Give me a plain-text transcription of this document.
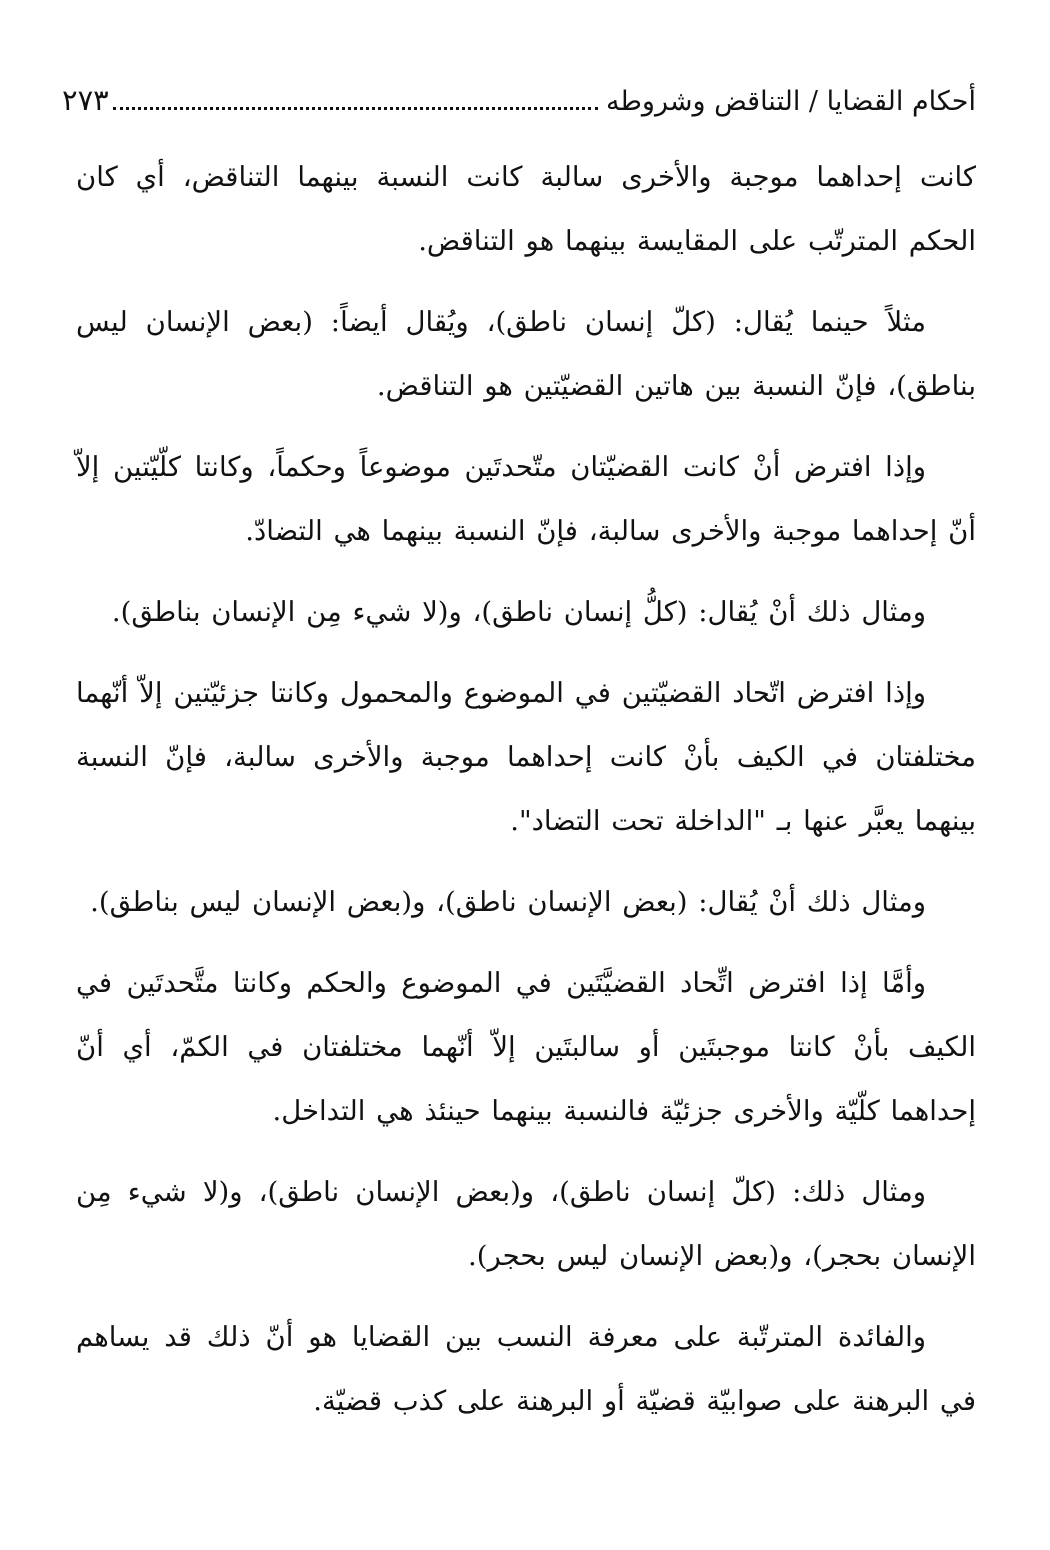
أحكام القضايا / التناقض وشروطه
٢٧٣

كانت إحداهما موجبة والأخرى سالبة كانت النسبة بينهما التناقض، أي كان الحكم المترتّب على المقايسة بينهما هو التناقض.

مثلاً حينما يُقال: (كلّ إنسان ناطق)، ويُقال أيضاً: (بعض الإنسان ليس بناطق)، فإنّ النسبة بين هاتين القضيّتين هو التناقض.

وإذا افترض أنْ كانت القضيّتان متّحدتَين موضوعاً وحكماً، وكانتا كلّيّتين إلاّ أنّ إحداهما موجبة والأخرى سالبة، فإنّ النسبة بينهما هي التضادّ.

ومثال ذلك أنْ يُقال: (كلُّ إنسان ناطق)، و(لا شيء مِن الإنسان بناطق).

وإذا افترض اتّحاد القضيّتين في الموضوع والمحمول وكانتا جزئيّتين إلاّ أنّهما مختلفتان في الكيف بأنْ كانت إحداهما موجبة والأخرى سالبة، فإنّ النسبة بينهما يعبَّر عنها بـ "الداخلة تحت التضاد".

ومثال ذلك أنْ يُقال: (بعض الإنسان ناطق)، و(بعض الإنسان ليس بناطق).

وأمَّا إذا افترض اتِّحاد القضيَّتَين في الموضوع والحكم وكانتا متَّحدتَين في الكيف بأنْ كانتا موجبتَين أو سالبتَين إلاّ أنّهما مختلفتان في الكمّ، أي أنّ إحداهما كلّيّة والأخرى جزئيّة فالنسبة بينهما حينئذ هي التداخل.

ومثال ذلك: (كلّ إنسان ناطق)، و(بعض الإنسان ناطق)، و(لا شيء مِن الإنسان بحجر)، و(بعض الإنسان ليس بحجر).

والفائدة المترتّبة على معرفة النسب بين القضايا هو أنّ ذلك قد يساهم في البرهنة على صوابيّة قضيّة أو البرهنة على كذب قضيّة.
